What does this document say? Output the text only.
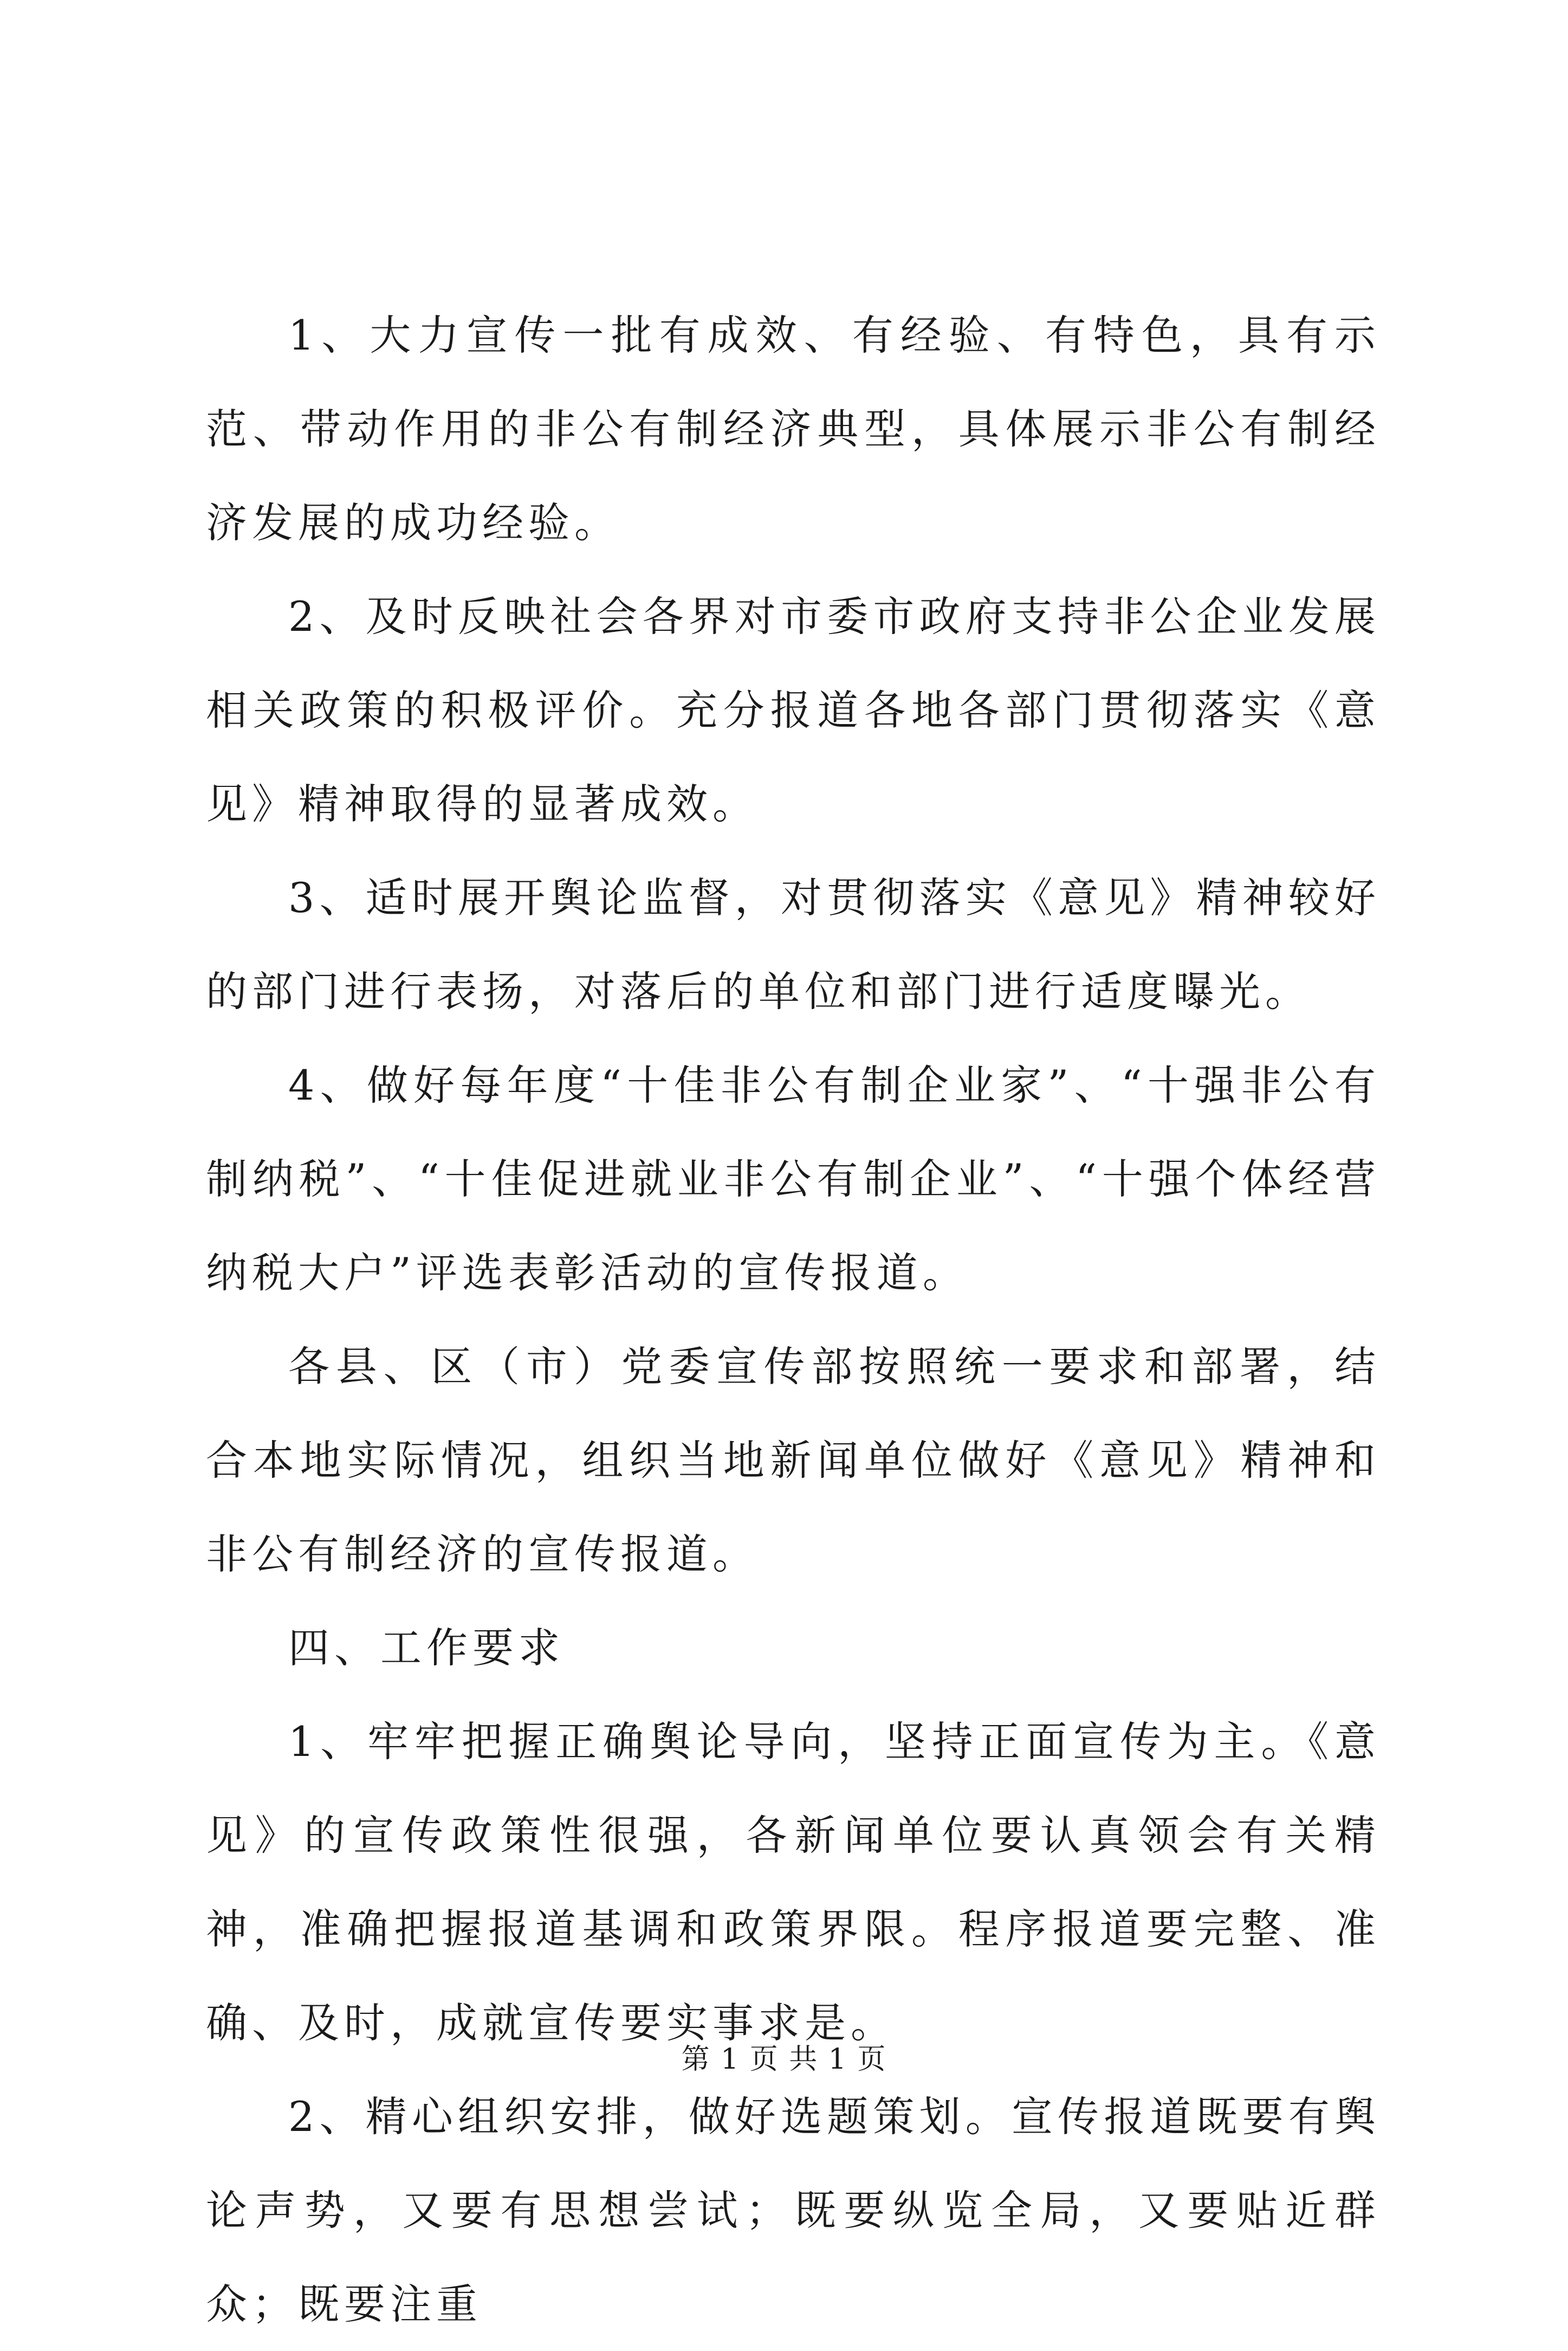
1、大力宣传一批有成效、有经验、有特色，具有示范、带动作用的非公有制经济典型，具体展示非公有制经济发展的成功经验。

2、及时反映社会各界对市委市政府支持非公企业发展相关政策的积极评价。充分报道各地各部门贯彻落实《意见》精神取得的显著成效。

3、适时展开舆论监督，对贯彻落实《意见》精神较好的部门进行表扬，对落后的单位和部门进行适度曝光。

4、做好每年度“十佳非公有制企业家”、“十强非公有制纳税”、“十佳促进就业非公有制企业”、“十强个体经营纳税大户”评选表彰活动的宣传报道。

各县、区（市）党委宣传部按照统一要求和部署，结合本地实际情况，组织当地新闻单位做好《意见》精神和非公有制经济的宣传报道。

四、工作要求

1、牢牢把握正确舆论导向，坚持正面宣传为主。《意见》的宣传政策性很强，各新闻单位要认真领会有关精神，准确把握报道基调和政策界限。程序报道要完整、准确、及时，成就宣传要实事求是。

2、精心组织安排，做好选题策划。宣传报道既要有舆论声势，又要有思想尝试；既要纵览全局，又要贴近群众；既要注重

第 1 页 共 1 页
